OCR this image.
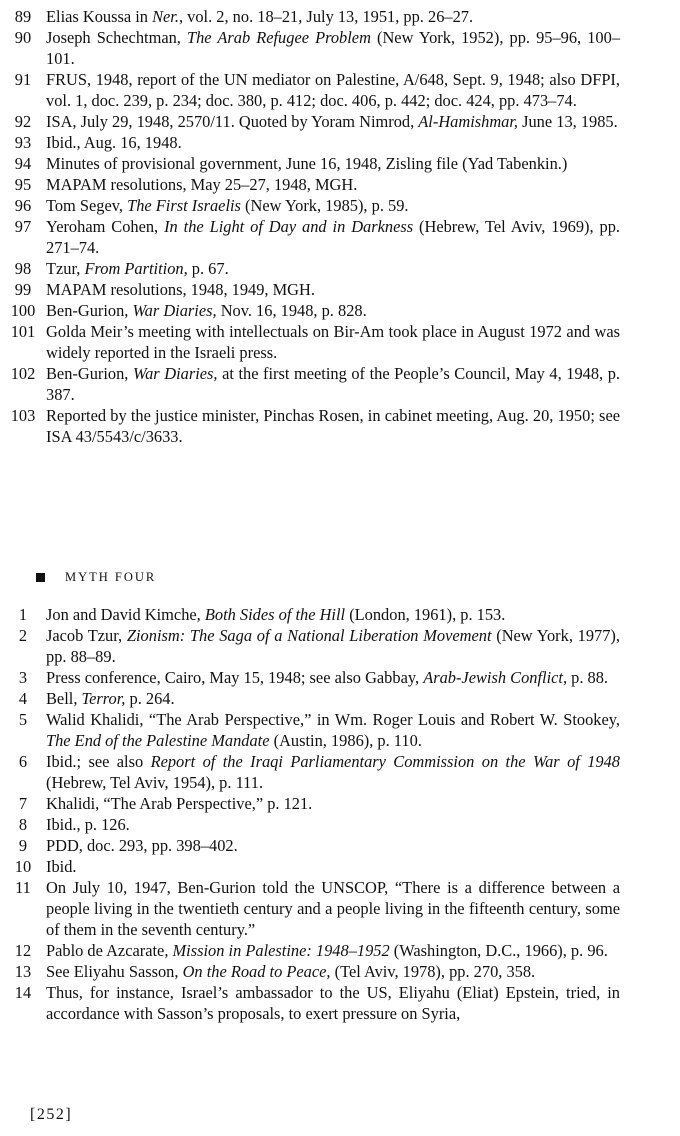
89 Elias Koussa in Ner., vol. 2, no. 18–21, July 13, 1951, pp. 26–27.
90 Joseph Schechtman, The Arab Refugee Problem (New York, 1952), pp. 95–96, 100–101.
91 FRUS, 1948, report of the UN mediator on Palestine, A/648, Sept. 9, 1948; also DFPI, vol. 1, doc. 239, p. 234; doc. 380, p. 412; doc. 406, p. 442; doc. 424, pp. 473–74.
92 ISA, July 29, 1948, 2570/11. Quoted by Yoram Nimrod, Al-Hamishmar, June 13, 1985.
93 Ibid., Aug. 16, 1948.
94 Minutes of provisional government, June 16, 1948, Zisling file (Yad Tabenkin.)
95 MAPAM resolutions, May 25–27, 1948, MGH.
96 Tom Segev, The First Israelis (New York, 1985), p. 59.
97 Yeroham Cohen, In the Light of Day and in Darkness (Hebrew, Tel Aviv, 1969), pp. 271–74.
98 Tzur, From Partition, p. 67.
99 MAPAM resolutions, 1948, 1949, MGH.
100 Ben-Gurion, War Diaries, Nov. 16, 1948, p. 828.
101 Golda Meir’s meeting with intellectuals on Bir-Am took place in August 1972 and was widely reported in the Israeli press.
102 Ben-Gurion, War Diaries, at the first meeting of the People’s Council, May 4, 1948, p. 387.
103 Reported by the justice minister, Pinchas Rosen, in cabinet meeting, Aug. 20, 1950; see ISA 43/5543/c/3633.
MYTH FOUR
1	Jon and David Kimche, Both Sides of the Hill (London, 1961), p. 153.
2	Jacob Tzur, Zionism: The Saga of a National Liberation Movement (New York, 1977), pp. 88–89.
3	Press conference, Cairo, May 15, 1948; see also Gabbay, Arab-Jewish Conflict, p. 88.
4	Bell, Terror, p. 264.
5	Walid Khalidi, “The Arab Perspective,” in Wm. Roger Louis and Robert W. Stookey, The End of the Palestine Mandate (Austin, 1986), p. 110.
6	Ibid.; see also Report of the Iraqi Parliamentary Commission on the War of 1948 (Hebrew, Tel Aviv, 1954), p. 111.
7	Khalidi, “The Arab Perspective,” p. 121.
8	Ibid., p. 126.
9	PDD, doc. 293, pp. 398–402.
10 Ibid.
11 On July 10, 1947, Ben-Gurion told the UNSCOP, “There is a difference between a people living in the twentieth century and a people living in the fifteenth century, some of them in the seventh century.”
12 Pablo de Azcarate, Mission in Palestine: 1948–1952 (Washington, D.C., 1966), p. 96.
13 See Eliyahu Sasson, On the Road to Peace, (Tel Aviv, 1978), pp. 270, 358.
14 Thus, for instance, Israel’s ambassador to the US, Eliyahu (Eliat) Epstein, tried, in accordance with Sasson’s proposals, to exert pressure on Syria,
[252]
